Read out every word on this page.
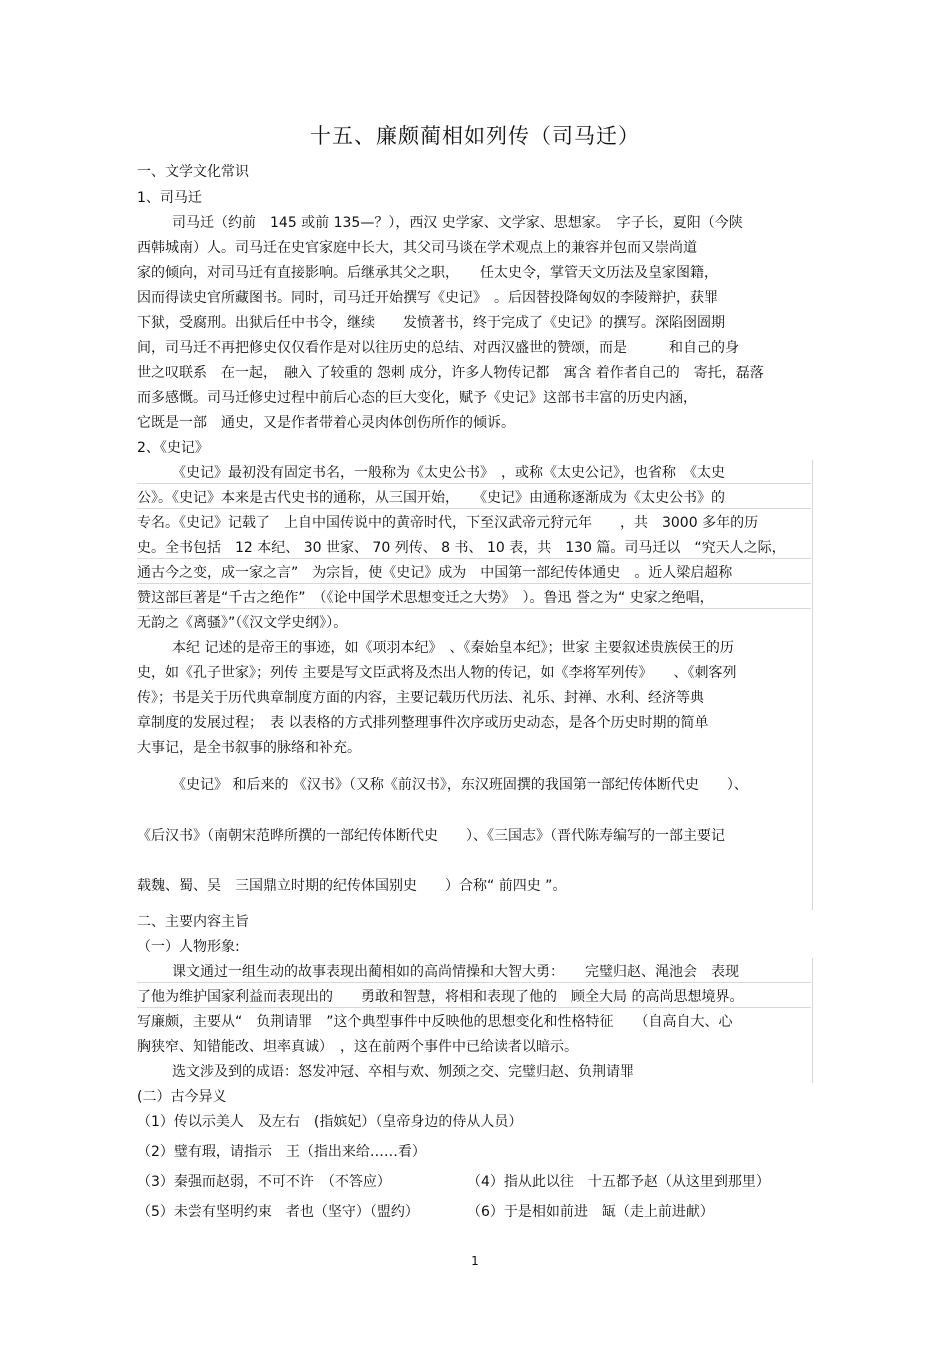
十五、廉颇蔺相如列传（司马迁）
一、文学文化常识
1、司马迁
司马迁（约前　145 或前 135—？），西汉 史学家、文学家、思想家。　字子长，夏阳（今陕
西韩城南）人。司马迁在史官家庭中长大，其父司马谈在学术观点上的兼容并包而又崇尚道
家的倾向，对司马迁有直接影响。后继承其父之职，　　任太史令，掌管天文历法及皇家图籍，
因而得读史官所藏图书。同时，司马迁开始撰写《史记》　。后因替投降匈奴的李陵辩护，获罪
下狱，受腐刑。出狱后任中书令，继续　　发愤著书，终于完成了《史记》的撰写。深陷囹圄期
间，司马迁不再把修史仅仅看作是对以往历史的总结、对西汉盛世的赞颂，而是　　　和自己的身
世之叹联系　在一起，　融入 了较重的 怨刺 成分，许多人物传记都　寓含 着作者自己的　寄托，磊落
而多感慨。司马迁修史过程中前后心态的巨大变化，赋予《史记》这部书丰富的历史内涵，
它既是一部　通史，又是作者带着心灵肉体创伤所作的倾诉。
2、《史记》
《史记》最初没有固定书名，一般称为《太史公书》　，或称《太史公记》，也省称　《太史
公》。《史记》本来是古代史书的通称，从三国开始，　　《史记》由通称逐渐成为《太史公书》的
专名。《史记》记载了　上自中国传说中的黄帝时代，下至汉武帝元狩元年　　，共　3000 多年的历
史。全书包括　12 本纪、 30 世家、 70 列传、 8 书、 10 表，共　130 篇。司马迁以　“究天人之际，
通古今之变，成一家之言”　为宗旨，使《史记》成为　中国第一部纪传体通史　。近人梁启超称
赞这部巨著是“千古之绝作”　（《论中国学术思想变迁之大势》　）。鲁迅 誉之为“ 史家之绝唱，
无韵之《离骚》”（《汉文学史纲》）。
本纪 记述的是帝王的事迹，如《项羽本纪》　、《秦始皇本纪》；世家 主要叙述贵族侯王的历
史，如《孔子世家》；列传 主要是写文臣武将及杰出人物的传记，如《李将军列传》　　、《刺客列
传》；书是关于历代典章制度方面的内容，主要记载历代历法、礼乐、封禅、水利、经济等典
章制度的发展过程；　表 以表格的方式排列整理事件次序或历史动态，是各个历史时期的简单
大事记，是全书叙事的脉络和补充。
《史记》 和后来的 《汉书》（又称《前汉书》，东汉班固撰的我国第一部纪传体断代史　　）、
《后汉书》（南朝宋范晔所撰的一部纪传体断代史　　）、《三国志》（晋代陈寿编写的一部主要记
载魏、蜀、吴　三国鼎立时期的纪传体国别史　　）合称“ 前四史 ”。
二、主要内容主旨
（一）人物形象:
课文通过一组生动的故事表现出蔺相如的高尚情操和大智大勇：　　完璧归赵、渑池会　表现
了他为维护国家利益而表现出的　　勇敢和智慧，将相和表现了他的　顾全大局 的高尚思想境界。
写廉颇，主要从“　负荆请罪　”这个典型事件中反映他的思想变化和性格特征　　（自高自大、心
胸狭窄、知错能改、坦率真诚）　，这在前两个事件中已给读者以暗示。
选文涉及到的成语：怒发冲冠、卒相与欢、刎颈之交、完璧归赵、负荆请罪
(二）古今异义
（1）传以示美人　及左右　(指嫔妃）（皇帝身边的侍从人员）
（2）璧有瑕，请指示　王（指出来给……看）
（3）秦强而赵弱，不可不许　（不答应）	（4）指从此以往　十五都予赵（从这里到那里）
（5）未尝有坚明约束　者也（坚守）（盟约）	（6）于是相如前进　缻（走上前进献）
1
